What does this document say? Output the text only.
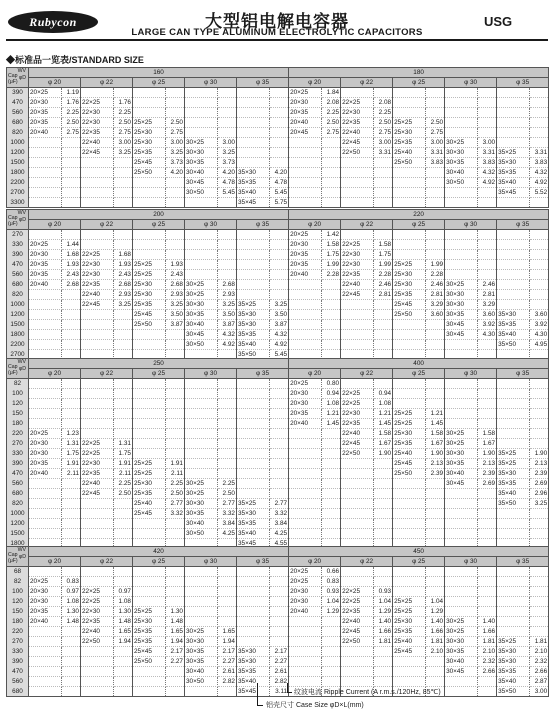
Rubycon	大型铝电解电容器
LARGE CAN TYPE ALUMINUM ELECTROLYTIC CAPACITORS
USG
◆标准品一览表/STANDARD SIZE
WV
φD
Cap
(μF)	160										180									
	φ 20		φ 22		φ 25		φ 30		φ 35		φ 20		φ 22		φ 25		φ 30		φ 35	
390	20×25	1.19									20×25	1.84								
470	20×30	1.76	22×25	1.76							20×30	2.08	22×25	2.08						
560	20×35	2.25	22×30	2.25							20×35	2.25	22×30	2.25						
680	20×35	2.50	22×30	2.50	25×25	2.50					20×40	2.50	22×35	2.50	25×25	2.50				
820	20×40	2.75	22×35	2.75	25×30	2.75					20×45	2.75	22×40	2.75	25×30	2.75				
1000			22×40	3.00	25×30	3.00	30×25	3.00					22×45	3.00	25×35	3.00	30×25	3.00		
1200			22×45	3.25	25×35	3.25	30×30	3.25					22×50	3.31	25×40	3.31	30×30	3.31	35×25	3.31
1500					25×45	3.73	30×35	3.73							25×50	3.83	30×35	3.83	35×30	3.83
1800					25×50	4.20	30×40	4.20	35×30	4.20							30×40	4.32	35×35	4.32
2200							30×45	4.78	35×35	4.78							30×50	4.92	35×40	4.92
2700							30×50	5.45	35×40	5.45									35×45	5.52
3300									35×45	5.75										
WV
φD
Cap
(μF)	200										220									
	φ 20		φ 22		φ 25		φ 30		φ 35		φ 20		φ 22		φ 25		φ 30		φ 35	
270											20×25	1.42								
330	20×25	1.44									20×30	1.58	22×25	1.58						
390	20×30	1.68	22×25	1.68							20×35	1.75	22×30	1.75						
470	20×35	1.93	22×30	1.93	25×25	1.93					20×35	1.99	22×30	1.99	25×25	1.99				
560	20×35	2.43	22×30	2.43	25×25	2.43					20×40	2.28	22×35	2.28	25×30	2.28				
680	20×40	2.68	22×35	2.68	25×30	2.68	30×25	2.68					22×40	2.46	25×30	2.46	30×25	2.46		
820			22×40	2.93	25×30	2.93	30×25	2.93					22×45	2.81	25×35	2.81	30×30	2.81		
1000			22×45	3.25	25×35	3.25	30×30	3.25	35×25	3.25					25×45	3.29	30×30	3.29		
1200					25×45	3.50	30×35	3.50	35×30	3.50					25×50	3.60	30×35	3.60	35×30	3.60
1500					25×50	3.87	30×40	3.87	35×30	3.87							30×45	3.92	35×35	3.92
1800							30×45	4.32	35×35	4.32							30×45	4.30	35×40	4.30
2200							30×50	4.92	35×40	4.92									35×50	4.95
2700									35×50	5.45										
WV
φD
Cap
(μF)	250										400									
	φ 20		φ 22		φ 25		φ 30		φ 35		φ 20		φ 22		φ 25		φ 30		φ 35	
82											20×25	0.80								
100											20×30	0.94	22×25	0.94						
120											20×30	1.08	22×25	1.08						
150											20×35	1.21	22×30	1.21	25×25	1.21				
180											20×40	1.45	22×35	1.45	25×25	1.45				
220	20×25	1.23											22×40	1.58	25×30	1.58	30×25	1.58		
270	20×30	1.31	22×25	1.31									22×45	1.67	25×35	1.67	30×25	1.67		
330	20×30	1.75	22×25	1.75									22×50	1.90	25×40	1.90	30×30	1.90	35×25	1.90
390	20×35	1.91	22×30	1.91	25×25	1.91									25×45	2.13	30×35	2.13	35×25	2.13
470	20×40	2.11	22×35	2.11	25×25	2.11									25×50	2.39	30×40	2.39	35×30	2.39
560			22×40	2.25	25×30	2.25	30×25	2.25									30×45	2.69	35×35	2.69
680			22×45	2.50	25×35	2.50	30×25	2.50											35×40	2.96
820					25×40	2.77	30×30	2.77	35×25	2.77									35×50	3.25
1000					25×45	3.32	30×35	3.32	35×30	3.32										
1200							30×40	3.84	35×35	3.84										
1500							30×50	4.25	35×40	4.25										
1800									35×45	4.55										
WV
φD
Cap
(μF)	420										450									
	φ 20		φ 22		φ 25		φ 30		φ 35		φ 20		φ 22		φ 25		φ 30		φ 35	
68											20×25	0.66								
82	20×25	0.83									20×25	0.83								
100	20×30	0.97	22×25	0.97							20×30	0.93	22×25	0.93						
120	20×30	1.08	22×25	1.08							20×30	1.04	22×25	1.04	25×25	1.04				
150	20×35	1.30	22×30	1.30	25×25	1.30					20×40	1.29	22×35	1.29	25×25	1.29				
180	20×40	1.48	22×35	1.48	25×30	1.48							22×40	1.40	25×30	1.40	30×25	1.40		
220			22×40	1.65	25×35	1.65	30×25	1.65					22×45	1.66	25×35	1.66	30×25	1.66		
270			22×50	1.94	25×35	1.94	30×30	1.94					22×50	1.81	25×40	1.81	30×30	1.81	35×25	1.81
330					25×45	2.17	30×35	2.17	35×30	2.17					25×45	2.10	30×35	2.10	35×30	2.10
390					25×50	2.27	30×35	2.27	35×30	2.27							30×40	2.32	35×30	2.32
470							30×40	2.61	35×35	2.61							30×45	2.66	35×35	2.66
560							30×50	2.82	35×40	2.82									35×40	2.87
680									35×45	3.11									35×50	3.00
纹波电流 Ripple Current (A r.m.s./120Hz, 85℃)
铝壳尺寸 Case Size φD×L(mm)
